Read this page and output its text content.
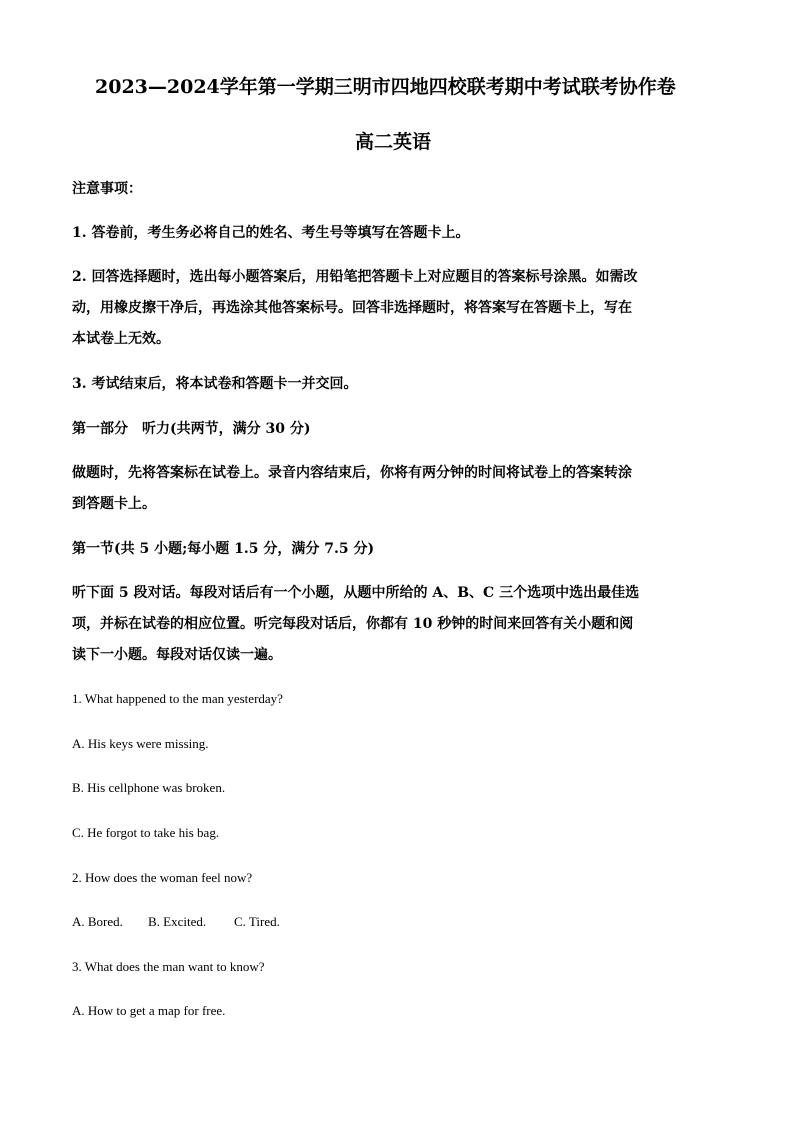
2023—2024学年第一学期三明市四地四校联考期中考试联考协作卷
高二英语
注意事项：
1. 答卷前，考生务必将自己的姓名、考生号等填写在答题卡上。
2. 回答选择题时，选出每小题答案后，用铅笔把答题卡上对应题目的答案标号涂黑。如需改
动，用橡皮擦干净后，再选涂其他答案标号。回答非选择题时，将答案写在答题卡上，写在
本试卷上无效。
3. 考试结束后，将本试卷和答题卡一并交回。
第一部分　听力(共两节，满分 30 分)
做题时，先将答案标在试卷上。录音内容结束后，你将有两分钟的时间将试卷上的答案转涂
到答题卡上。
第一节(共 5 小题;每小题 1.5 分，满分 7.5 分)
听下面 5 段对话。每段对话后有一个小题，从题中所给的 A、B、C 三个选项中选出最佳选
项，并标在试卷的相应位置。听完每段对话后，你都有 10 秒钟的时间来回答有关小题和阅
读下一小题。每段对话仅读一遍。
1. What happened to the man yesterday?
A. His keys were missing.
B. His cellphone was broken.
C. He forgot to take his bag.
2. How does the woman feel now?
A. Bored. B. Excited. C. Tired.
3. What does the man want to know?
A. How to get a map for free.
